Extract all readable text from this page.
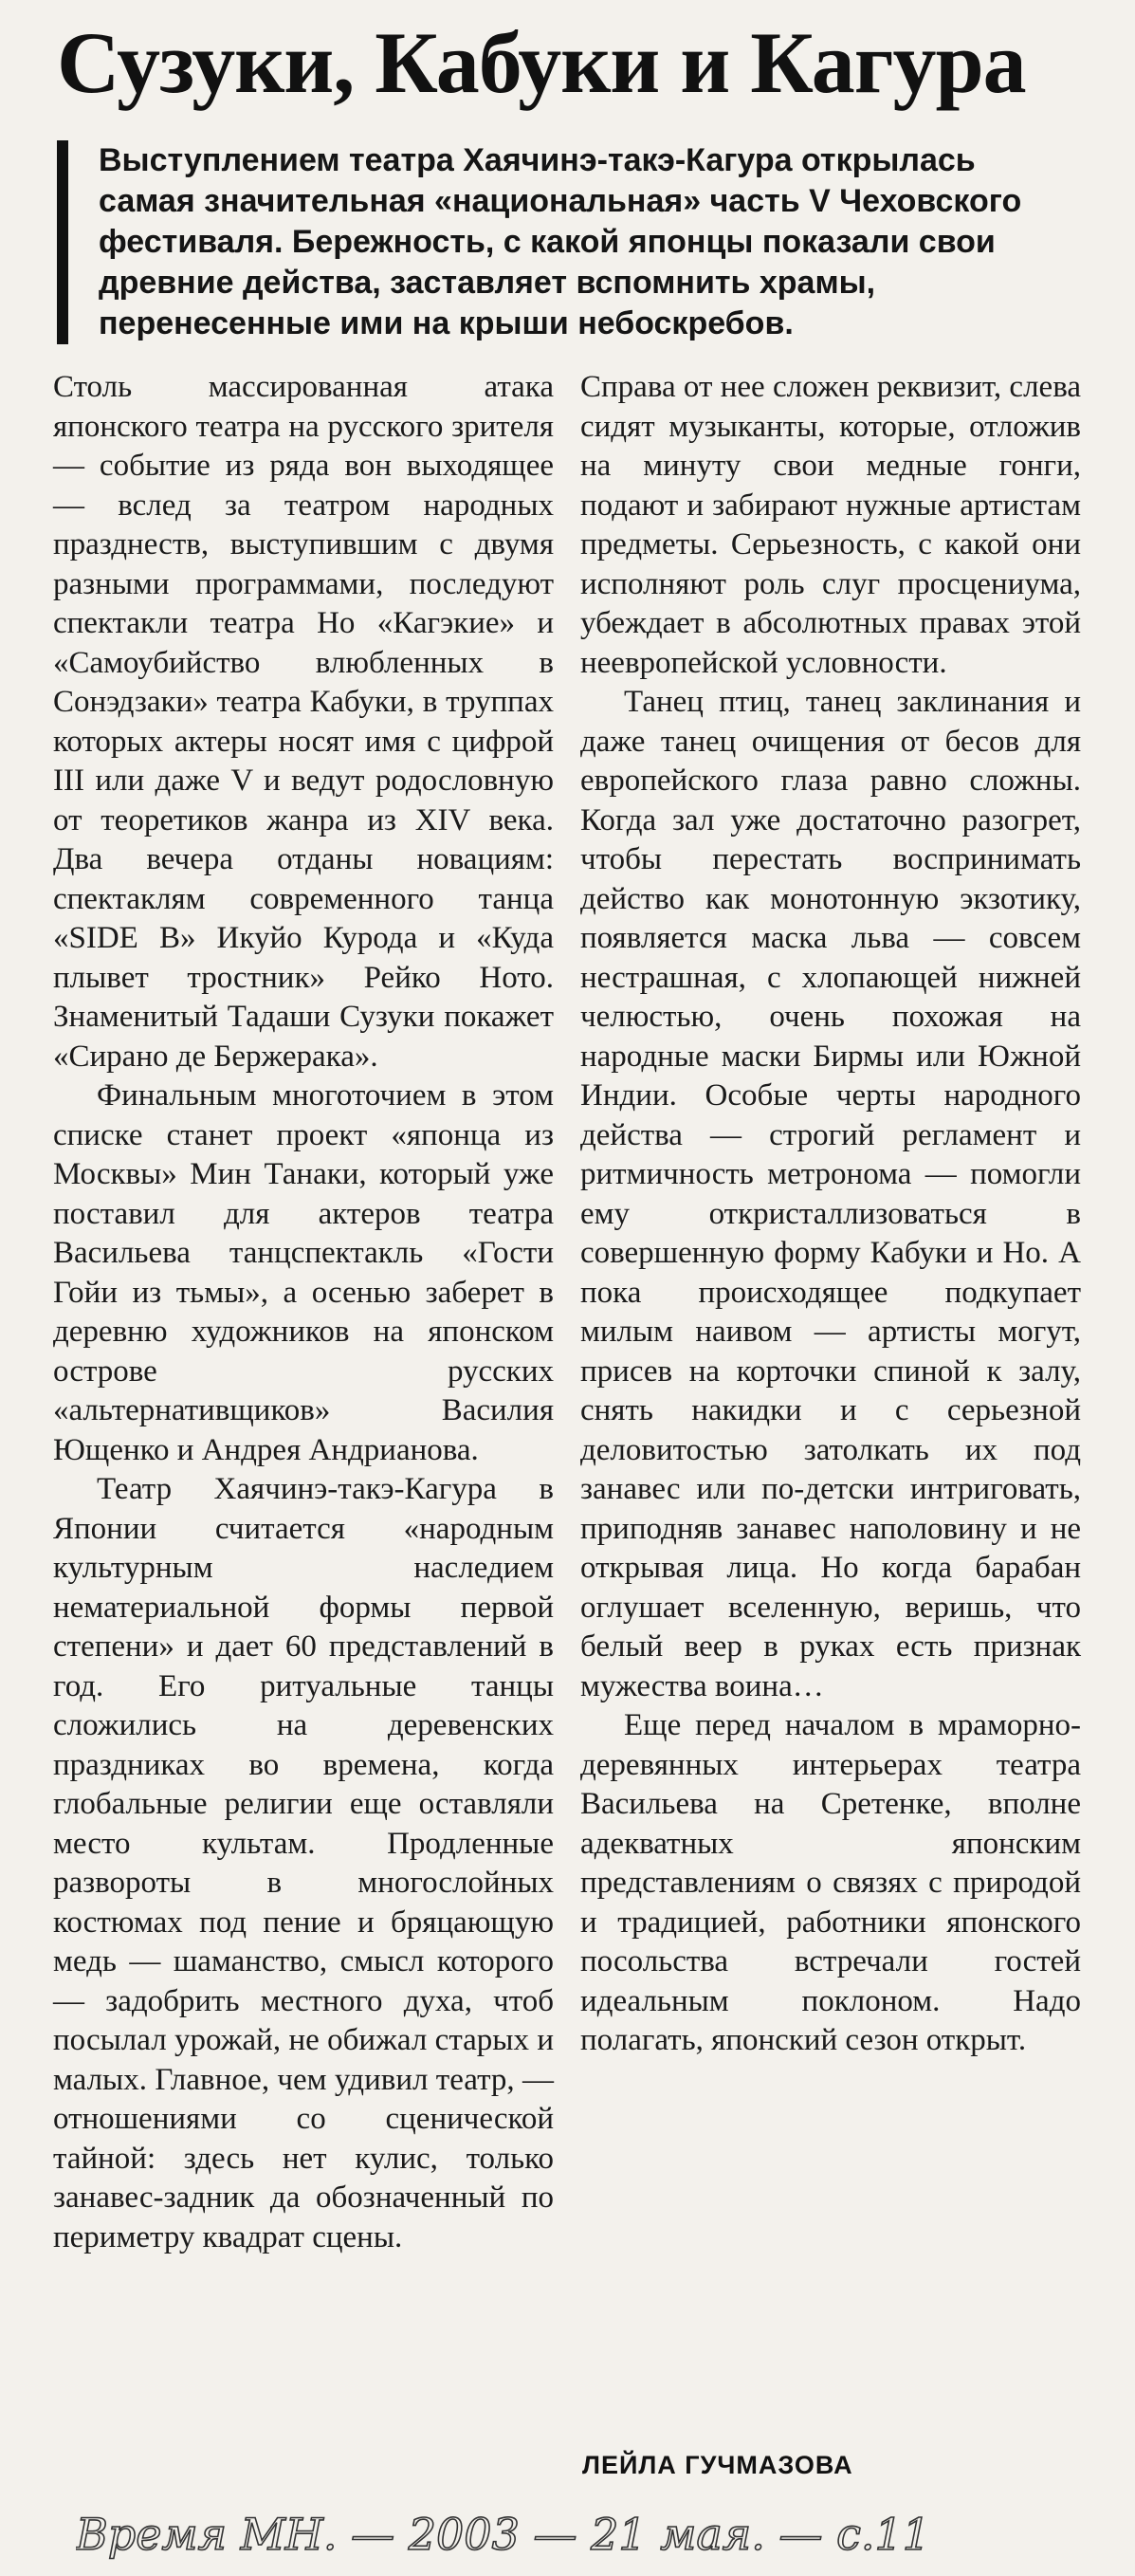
Сузуки, Кабуки и Кагура
Выступлением театра Хаячинэ-такэ-Кагура открылась самая значительная «национальная» часть V Чеховского фестиваля. Бережность, с какой японцы показали свои древние действа, заставляет вспомнить храмы, перенесенные ими на крыши небоскребов.

Столь массированная атака японского театра на русского зрителя — событие из ряда вон выходящее — вслед за театром народных празднеств, выступившим с двумя разными программами, последуют спектакли театра Но «Кагэкие» и «Самоубийство влюбленных в Сонэдзаки» театра Кабуки, в труппах которых актеры носят имя с цифрой III или даже V и ведут родословную от теоретиков жанра из XIV века. Два вечера отданы новациям: спектаклям современного танца «SIDE B» Икуйо Курода и «Куда плывет тростник» Рейко Ното. Знаменитый Тадаши Сузуки покажет «Сирано де Бержерака».

Финальным многоточием в этом списке станет проект «японца из Москвы» Мин Танаки, который уже поставил для актеров театра Васильева танцспектакль «Гости Гойи из тьмы», а осенью заберет в деревню художников на японском острове русских «альтернативщиков» Василия Ющенко и Андрея Андрианова.

Театр Хаячинэ-такэ-Кагура в Японии считается «народным культурным наследием нематериальной формы первой степени» и дает 60 представлений в год. Его ритуальные танцы сложились на деревенских праздниках во времена, когда глобальные религии еще оставляли место культам. Продленные развороты в многослойных костюмах под пение и бряцающую медь — шаманство, смысл которого — задобрить местного духа, чтоб посылал урожай, не обижал старых и малых. Главное, чем удивил театр, — отношениями со сценической тайной: здесь нет кулис, только занавес-задник да обозначенный по периметру квадрат сцены.

Справа от нее сложен реквизит, слева сидят музыканты, которые, отложив на минуту свои медные гонги, подают и забирают нужные артистам предметы. Серьезность, с какой они исполняют роль слуг просцениума, убеждает в абсолютных правах этой неевропейской условности.

Танец птиц, танец заклинания и даже танец очищения от бесов для европейского глаза равно сложны. Когда зал уже достаточно разогрет, чтобы перестать воспринимать действо как монотонную экзотику, появляется маска льва — совсем нестрашная, с хлопающей нижней челюстью, очень похожая на народные маски Бирмы или Южной Индии. Особые черты народного действа — строгий регламент и ритмичность метронома — помогли ему откристаллизоваться в совершенную форму Кабуки и Но. А пока происходящее подкупает милым наивом — артисты могут, присев на корточки спиной к залу, снять накидки и с серьезной деловитостью затолкать их под занавес или по-детски интриговать, приподняв занавес наполовину и не открывая лица. Но когда барабан оглушает вселенную, веришь, что белый веер в руках есть признак мужества воина…

Еще перед началом в мраморно-деревянных интерьерах театра Васильева на Сретенке, вполне адекватных японским представлениям о связях с природой и традицией, работники японского посольства встречали гостей идеальным поклоном. Надо полагать, японский сезон открыт.

ЛЕЙЛА ГУЧМАЗОВА
Время МН. — 2003 — 21 мая. — с.11
